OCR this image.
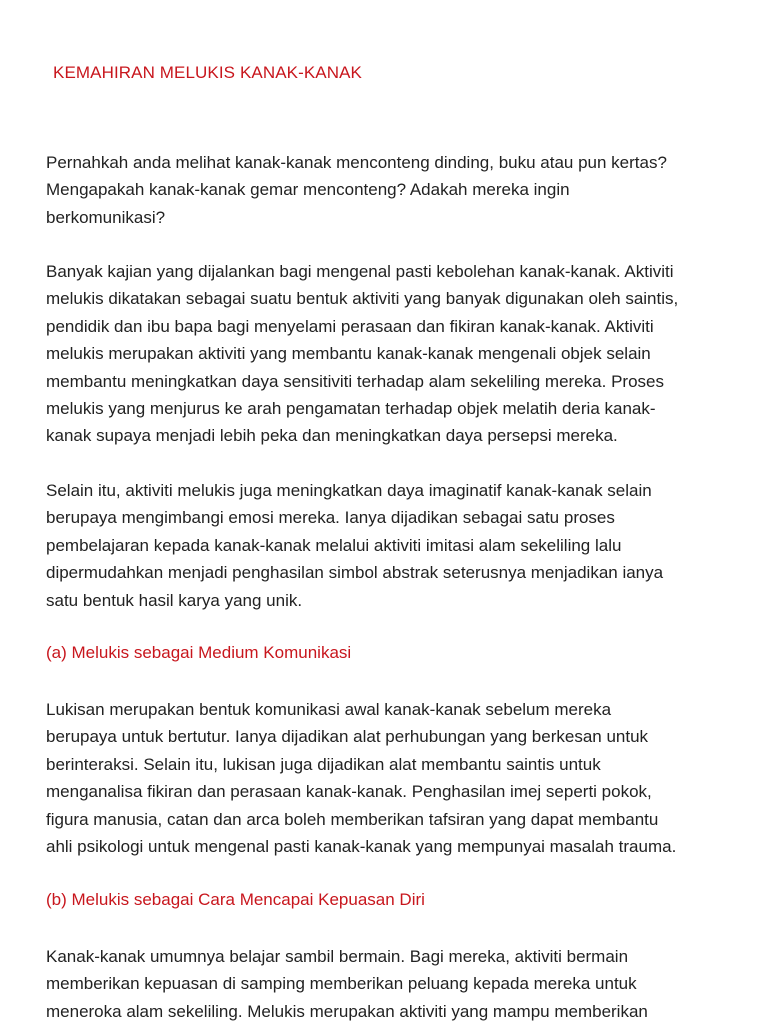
KEMAHIRAN MELUKIS KANAK-KANAK

Pernahkah anda melihat kanak-kanak menconteng dinding, buku atau pun kertas?
Mengapakah kanak-kanak gemar menconteng? Adakah mereka ingin
berkomunikasi?

Banyak kajian yang dijalankan bagi mengenal pasti kebolehan kanak-kanak. Aktiviti
melukis dikatakan sebagai suatu bentuk aktiviti yang banyak digunakan oleh saintis,
pendidik dan ibu bapa bagi menyelami perasaan dan fikiran kanak-kanak. Aktiviti
melukis merupakan aktiviti yang membantu kanak-kanak mengenali objek selain
membantu meningkatkan daya sensitiviti terhadap alam sekeliling mereka. Proses
melukis yang menjurus ke arah pengamatan terhadap objek melatih deria kanak-
kanak supaya menjadi lebih peka dan meningkatkan daya persepsi mereka.

Selain itu, aktiviti melukis juga meningkatkan daya imaginatif kanak-kanak selain
berupaya mengimbangi emosi mereka. Ianya dijadikan sebagai satu proses
pembelajaran kepada kanak-kanak melalui aktiviti imitasi alam sekeliling lalu
dipermudahkan menjadi penghasilan simbol abstrak seterusnya menjadikan ianya
satu bentuk hasil karya yang unik.

(a) Melukis sebagai Medium Komunikasi

Lukisan merupakan bentuk komunikasi awal kanak-kanak sebelum mereka
berupaya untuk bertutur. Ianya dijadikan alat perhubungan yang berkesan untuk
berinteraksi. Selain itu, lukisan juga dijadikan alat membantu saintis untuk
menganalisa fikiran dan perasaan kanak-kanak. Penghasilan imej seperti pokok,
figura manusia, catan dan arca boleh memberikan tafsiran yang dapat membantu
ahli psikologi untuk mengenal pasti kanak-kanak yang mempunyai masalah trauma.

(b) Melukis sebagai Cara Mencapai Kepuasan Diri

Kanak-kanak umumnya belajar sambil bermain. Bagi mereka, aktiviti bermain
memberikan kepuasan di samping memberikan peluang kepada mereka untuk
meneroka alam sekeliling. Melukis merupakan aktiviti yang mampu memberikan
